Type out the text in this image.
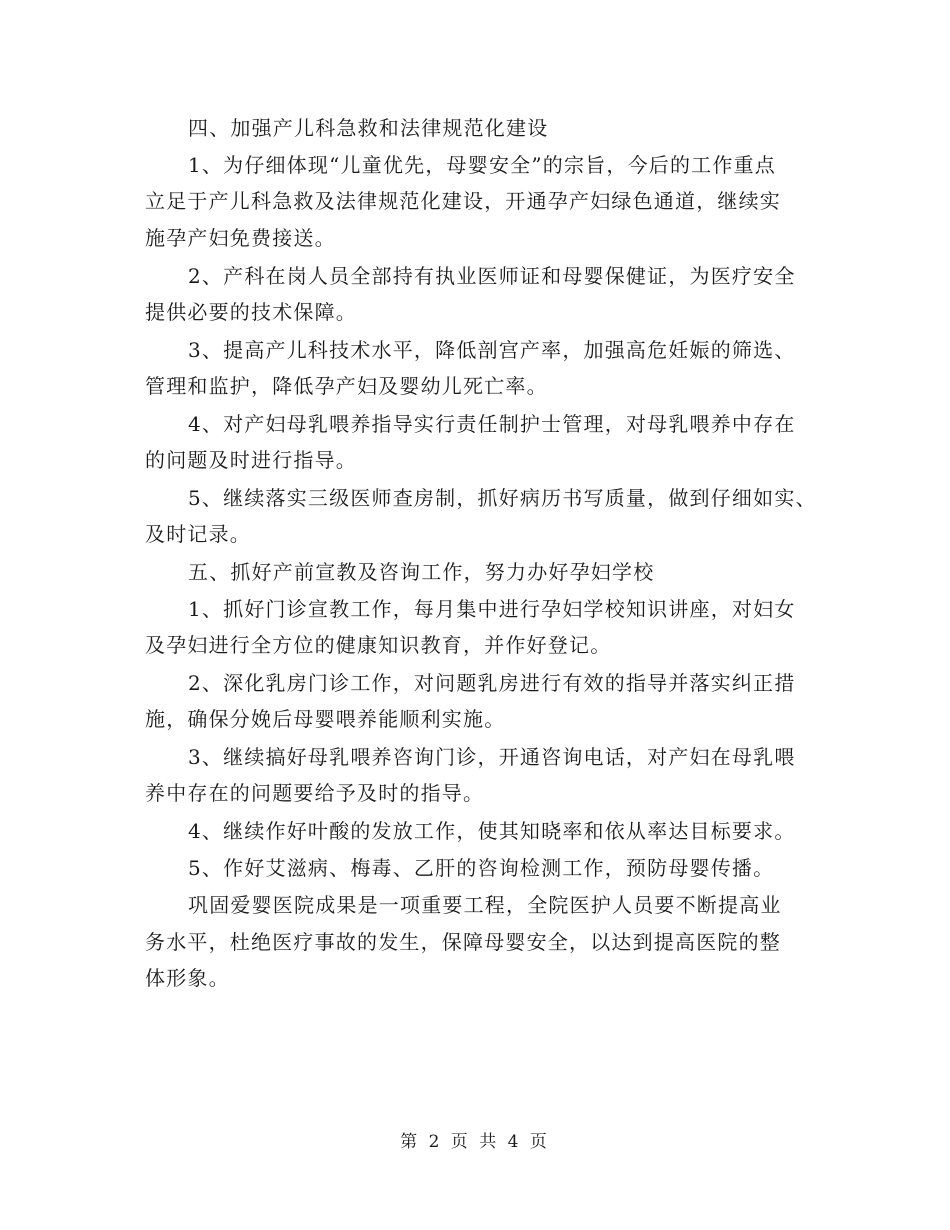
四、加强产儿科急救和法律规范化建设
1、为仔细体现“儿童优先，母婴安全”的宗旨，今后的工作重点
立足于产儿科急救及法律规范化建设，开通孕产妇绿色通道，继续实
施孕产妇免费接送。
2、产科在岗人员全部持有执业医师证和母婴保健证，为医疗安全
提供必要的技术保障。
3、提高产儿科技术水平，降低剖宫产率，加强高危妊娠的筛选、
管理和监护，降低孕产妇及婴幼儿死亡率。
4、对产妇母乳喂养指导实行责任制护士管理，对母乳喂养中存在
的问题及时进行指导。
5、继续落实三级医师查房制，抓好病历书写质量，做到仔细如实、
及时记录。
五、抓好产前宣教及咨询工作，努力办好孕妇学校
1、抓好门诊宣教工作，每月集中进行孕妇学校知识讲座，对妇女
及孕妇进行全方位的健康知识教育，并作好登记。
2、深化乳房门诊工作，对问题乳房进行有效的指导并落实纠正措
施，确保分娩后母婴喂养能顺利实施。
3、继续搞好母乳喂养咨询门诊，开通咨询电话，对产妇在母乳喂
养中存在的问题要给予及时的指导。
4、继续作好叶酸的发放工作，使其知晓率和依从率达目标要求。
5、作好艾滋病、梅毒、乙肝的咨询检测工作，预防母婴传播。
巩固爱婴医院成果是一项重要工程，全院医护人员要不断提高业
务水平，杜绝医疗事故的发生，保障母婴安全，以达到提高医院的整
体形象。
第 2 页 共 4 页
